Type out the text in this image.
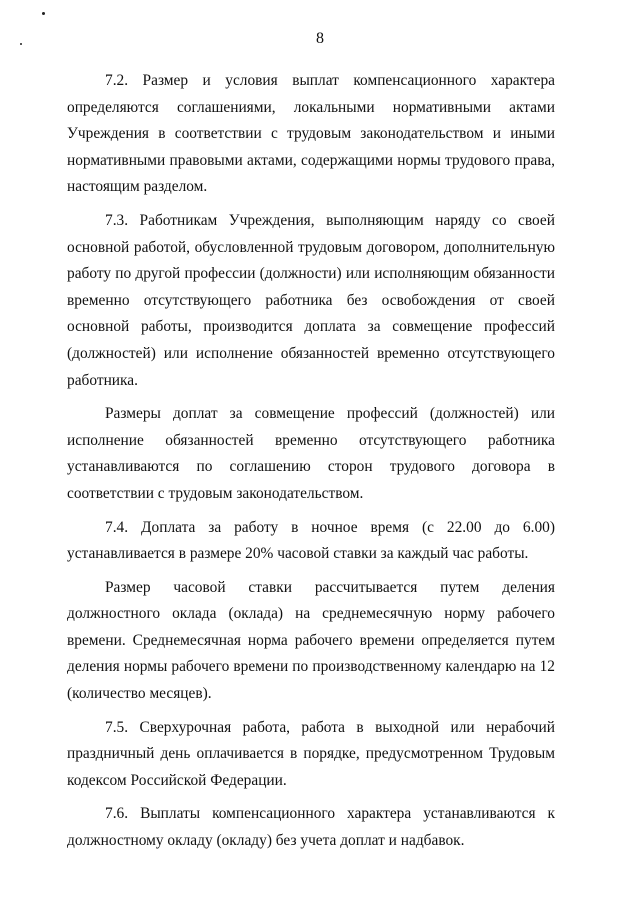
8

7.2. Размер и условия выплат компенсационного характера определяются соглашениями, локальными нормативными актами Учреждения в соответствии с трудовым законодательством и иными нормативными правовыми актами, содержащими нормы трудового права, настоящим разделом.

7.3. Работникам Учреждения, выполняющим наряду со своей основной работой, обусловленной трудовым договором, дополнительную работу по другой профессии (должности) или исполняющим обязанности временно отсутствующего работника без освобождения от своей основной работы, производится доплата за совмещение профессий (должностей) или исполнение обязанностей временно отсутствующего работника.

Размеры доплат за совмещение профессий (должностей) или исполнение обязанностей временно отсутствующего работника устанавливаются по соглашению сторон трудового договора в соответствии с трудовым законодательством.

7.4. Доплата за работу в ночное время (с 22.00 до 6.00) устанавливается в размере 20% часовой ставки за каждый час работы.

Размер часовой ставки рассчитывается путем деления должностного оклада (оклада) на среднемесячную норму рабочего времени. Среднемесячная норма рабочего времени определяется путем деления нормы рабочего времени по производственному календарю на 12 (количество месяцев).

7.5. Сверхурочная работа, работа в выходной или нерабочий праздничный день оплачивается в порядке, предусмотренном Трудовым кодексом Российской Федерации.

7.6. Выплаты компенсационного характера устанавливаются к должностному окладу (окладу) без учета доплат и надбавок.
